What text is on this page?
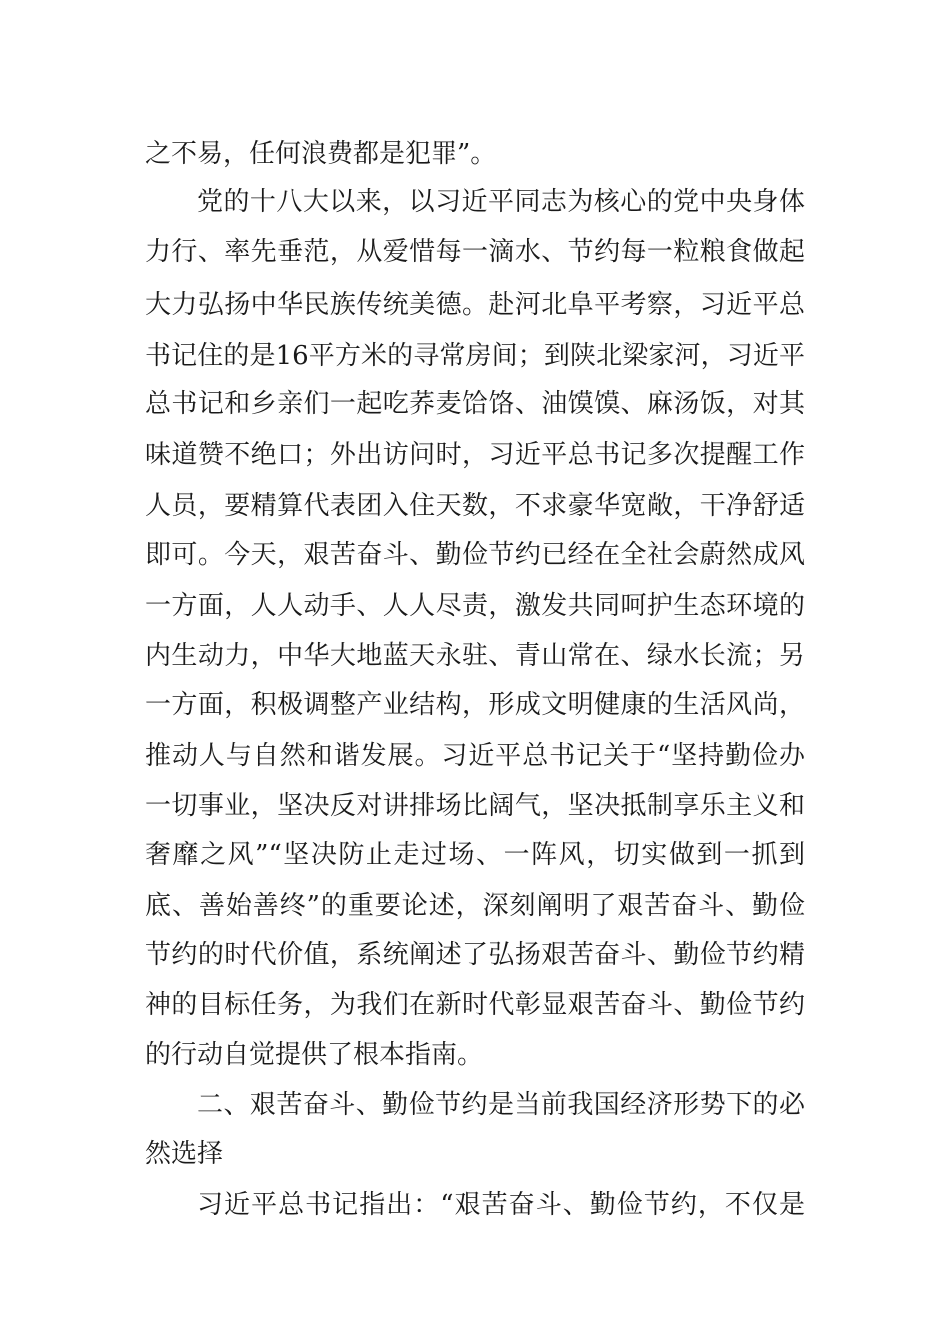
之不易，任何浪费都是犯罪”。
党的十八大以来，以习近平同志为核心的党中央身体
力行、率先垂范，从爱惜每一滴水、节约每一粒粮食做起
大力弘扬中华民族传统美德。赴河北阜平考察，习近平总
书记住的是16平方米的寻常房间；到陕北梁家河，习近平
总书记和乡亲们一起吃荞麦饸饹、油馍馍、麻汤饭，对其
味道赞不绝口；外出访问时，习近平总书记多次提醒工作
人员，要精算代表团入住天数，不求豪华宽敞，干净舒适
即可。今天，艰苦奋斗、勤俭节约已经在全社会蔚然成风
一方面，人人动手、人人尽责，激发共同呵护生态环境的
内生动力，中华大地蓝天永驻、青山常在、绿水长流；另
一方面，积极调整产业结构，形成文明健康的生活风尚，
推动人与自然和谐发展。习近平总书记关于“坚持勤俭办
一切事业，坚决反对讲排场比阔气，坚决抵制享乐主义和
奢靡之风”“坚决防止走过场、一阵风，切实做到一抓到
底、善始善终”的重要论述，深刻阐明了艰苦奋斗、勤俭
节约的时代价值，系统阐述了弘扬艰苦奋斗、勤俭节约精
神的目标任务，为我们在新时代彰显艰苦奋斗、勤俭节约
的行动自觉提供了根本指南。
二、艰苦奋斗、勤俭节约是当前我国经济形势下的必
然选择
习近平总书记指出：“艰苦奋斗、勤俭节约，不仅是
